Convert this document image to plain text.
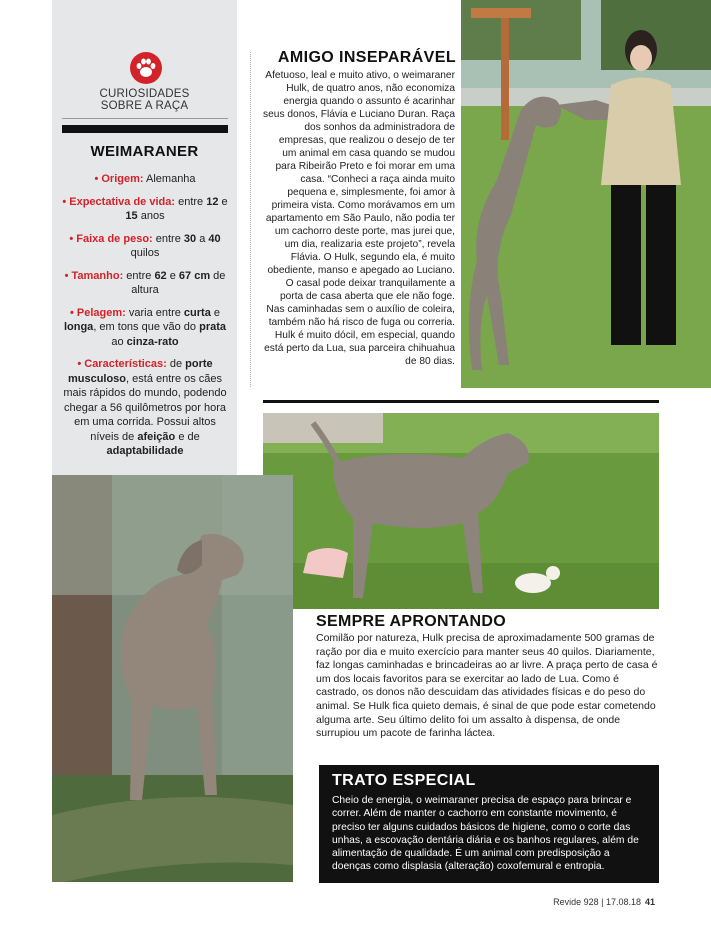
CURIOSIDADES
SOBRE A RAÇA
WEIMARANER

• Origem: Alemanha

• Expectativa de vida: entre 12 e 15 anos

• Faixa de peso: entre 30 a 40 quilos

• Tamanho: entre 62 e 67 cm de altura

• Pelagem: varia entre curta e longa, em tons que vão do prata ao cinza-rato

• Características: de porte musculoso, está entre os cães mais rápidos do mundo, podendo chegar a 56 quilômetros por hora em uma corrida. Possui altos níveis de afeição e de adaptabilidade

AMIGO INSEPARÁVEL

Afetuoso, leal e muito ativo, o weimaraner Hulk, de quatro anos, não economiza energia quando o assunto é acarinhar seus donos, Flávia e Luciano Duran. Raça dos sonhos da administradora de empresas, que realizou o desejo de ter um animal em casa quando se mudou para Ribeirão Preto e foi morar em uma casa. “Conheci a raça ainda muito pequena e, simplesmente, foi amor à primeira vista. Como morávamos em um apartamento em São Paulo, não podia ter um cachorro deste porte, mas jurei que, um dia, realizaria este projeto”, revela Flávia. O Hulk, segundo ela, é muito obediente, manso e apegado ao Luciano. O casal pode deixar tranquilamente a porta de casa aberta que ele não foge. Nas caminhadas sem o auxílio de coleira, também não há risco de fuga ou correria. Hulk é muito dócil, em especial, quando está perto da Lua, sua parceira chihuahua de 80 dias.

SEMPRE APRONTANDO

Comilão por natureza, Hulk precisa de aproximadamente 500 gramas de ração por dia e muito exercício para manter seus 40 quilos. Diariamente, faz longas caminhadas e brincadeiras ao ar livre. A praça perto de casa é um dos locais favoritos para se exercitar ao lado de Lua. Como é castrado, os donos não descuidam das atividades físicas e do peso do animal. Se Hulk fica quieto demais, é sinal de que pode estar cometendo alguma arte. Seu último delito foi um assalto à dispensa, de onde surrupiou um pacote de farinha láctea.

TRATO ESPECIAL
Cheio de energia, o weimaraner precisa de espaço para brincar e correr. Além de manter o cachorro em constante movimento, é preciso ter alguns cuidados básicos de higiene, como o corte das unhas, a escovação dentária diária e os banhos regulares, além de alimentação de qualidade. É um animal com predisposição a doenças como displasia (alteração) coxofemural e entropia.
Revide 928 | 17.08.18 41
